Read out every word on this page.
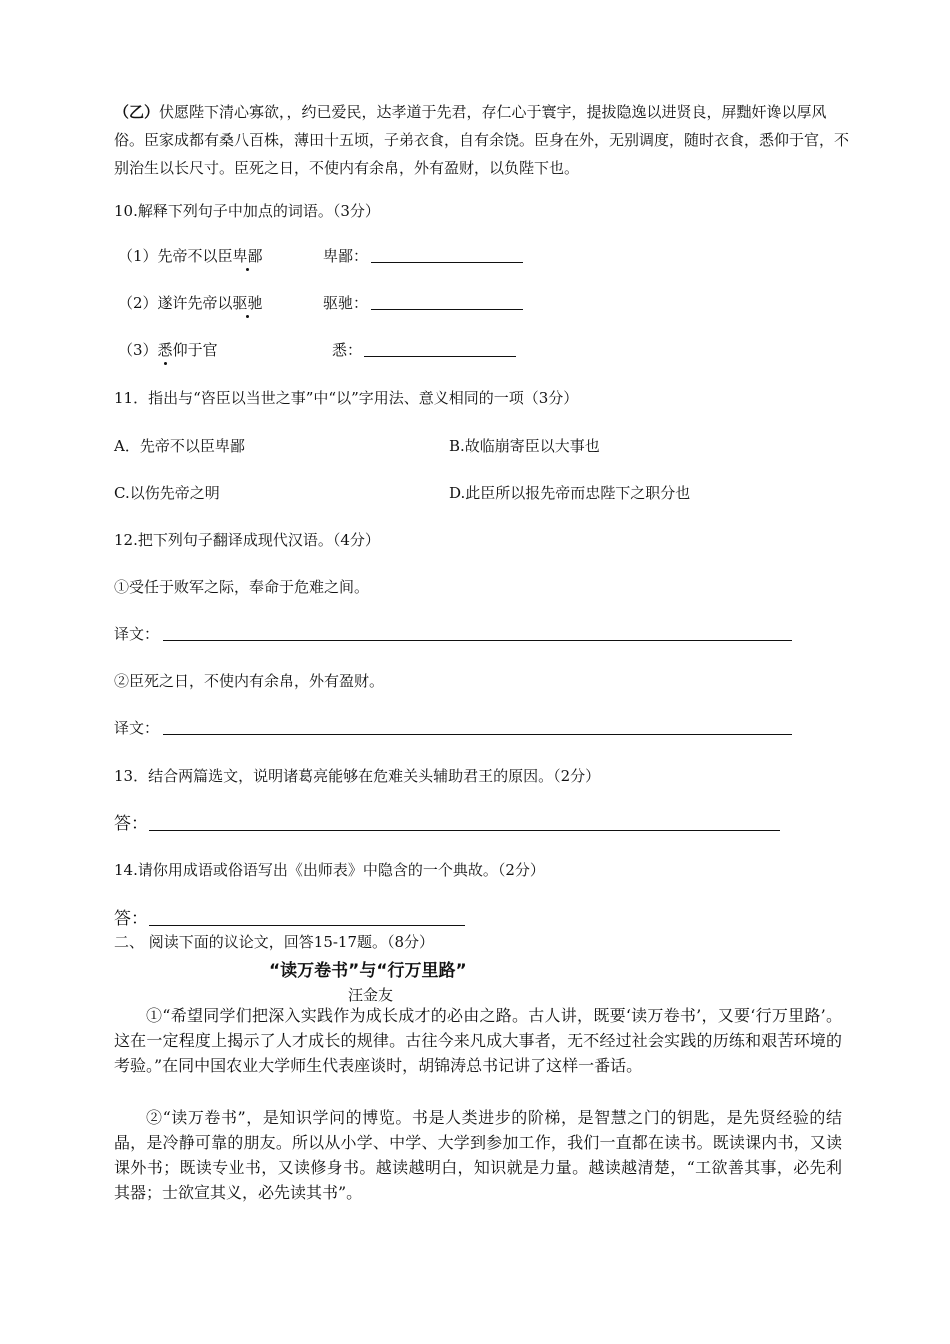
（乙）伏愿陛下清心寡欲，，约已爱民，达孝道于先君，存仁心于寰宇，提拔隐逸以进贤良，屏黜奸谗以厚风俗。臣家成都有桑八百株，薄田十五顷，子弟衣食，自有余饶。臣身在外，无别调度，随时衣食，悉仰于官，不别治生以长尺寸。臣死之日，不使内有余帛，外有盈财，以负陛下也。
10.解释下列句子中加点的词语。（3分）
（1）先帝不以臣卑鄙	卑鄙：
（2）遂许先帝以驱驰	驱驰：
（3）悉仰于官	悉：
11．指出与“咨臣以当世之事”中“以”字用法、意义相同的一项（3分）
A．先帝不以臣卑鄙	B.故临崩寄臣以大事也
C.以伤先帝之明	D.此臣所以报先帝而忠陛下之职分也
12.把下列句子翻译成现代汉语。（4分）
①受任于败军之际，奉命于危难之间。
译文：
②臣死之日，不使内有余帛，外有盈财。
译文：
13．结合两篇选文，说明诸葛亮能够在危难关头辅助君王的原因。（2分）
答：
14.请你用成语或俗语写出《出师表》中隐含的一个典故。（2分）
答：
二、 阅读下面的议论文，回答15-17题。（8分）
“读万卷书”与“行万里路”
汪金友
①“希望同学们把深入实践作为成长成才的必由之路。古人讲，既要‘读万卷书’，又要‘行万里路’。这在一定程度上揭示了人才成长的规律。古往今来凡成大事者，无不经过社会实践的历练和艰苦环境的考验。”在同中国农业大学师生代表座谈时，胡锦涛总书记讲了这样一番话。
②“读万卷书”，是知识学问的博览。书是人类进步的阶梯，是智慧之门的钥匙，是先贤经验的结晶，是冷静可靠的朋友。所以从小学、中学、大学到参加工作，我们一直都在读书。既读课内书，又读课外书；既读专业书，又读修身书。越读越明白，知识就是力量。越读越清楚，“工欲善其事，必先利其器；士欲宣其义，必先读其书”。
